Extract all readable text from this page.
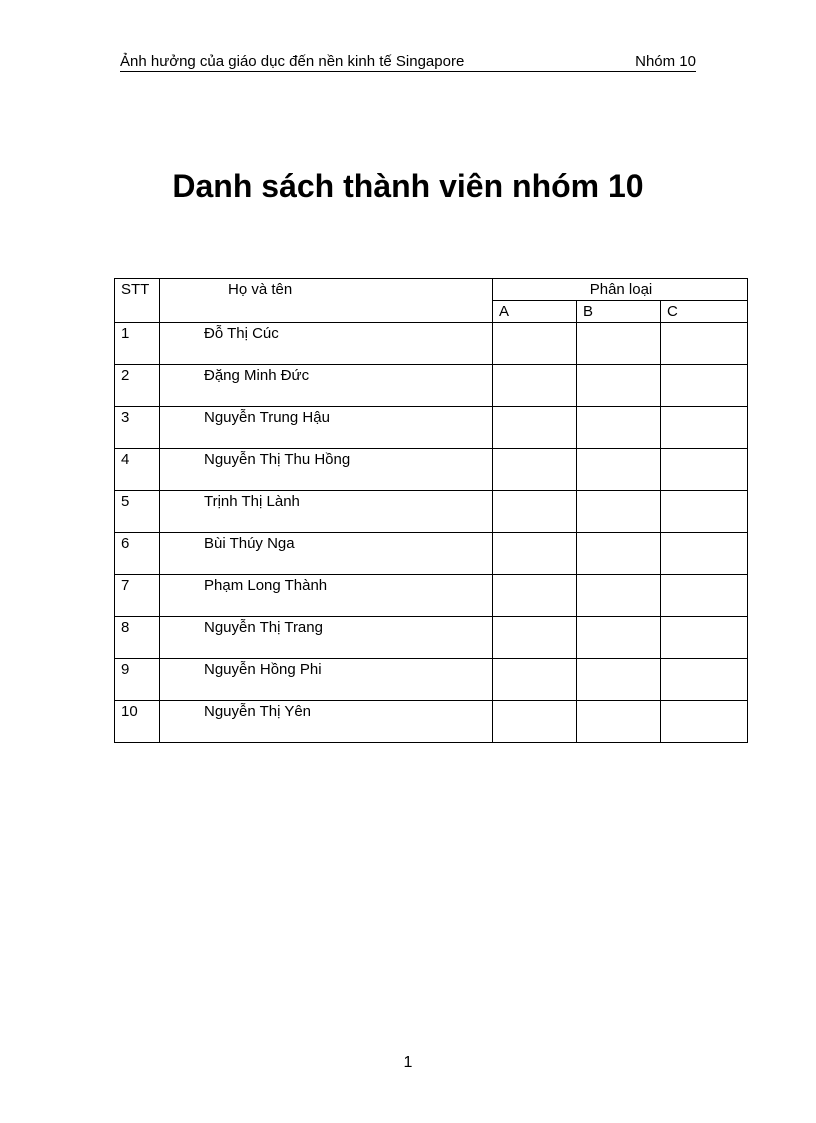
Ảnh hưởng của giáo dục đến nền kinh tế Singapore	Nhóm 10
Danh sách thành viên nhóm 10
STT	Họ và tên	Phân loại		
		A	B	C
1	Đỗ Thị Cúc			
2	Đặng Minh Đức			
3	Nguyễn Trung Hậu			
4	Nguyễn Thị Thu Hồng			
5	Trịnh Thị Lành			
6	Bùi Thúy Nga			
7	Phạm Long Thành			
8	Nguyễn Thị Trang			
9	Nguyễn Hồng Phi			
10	Nguyễn Thị Yên			
1
